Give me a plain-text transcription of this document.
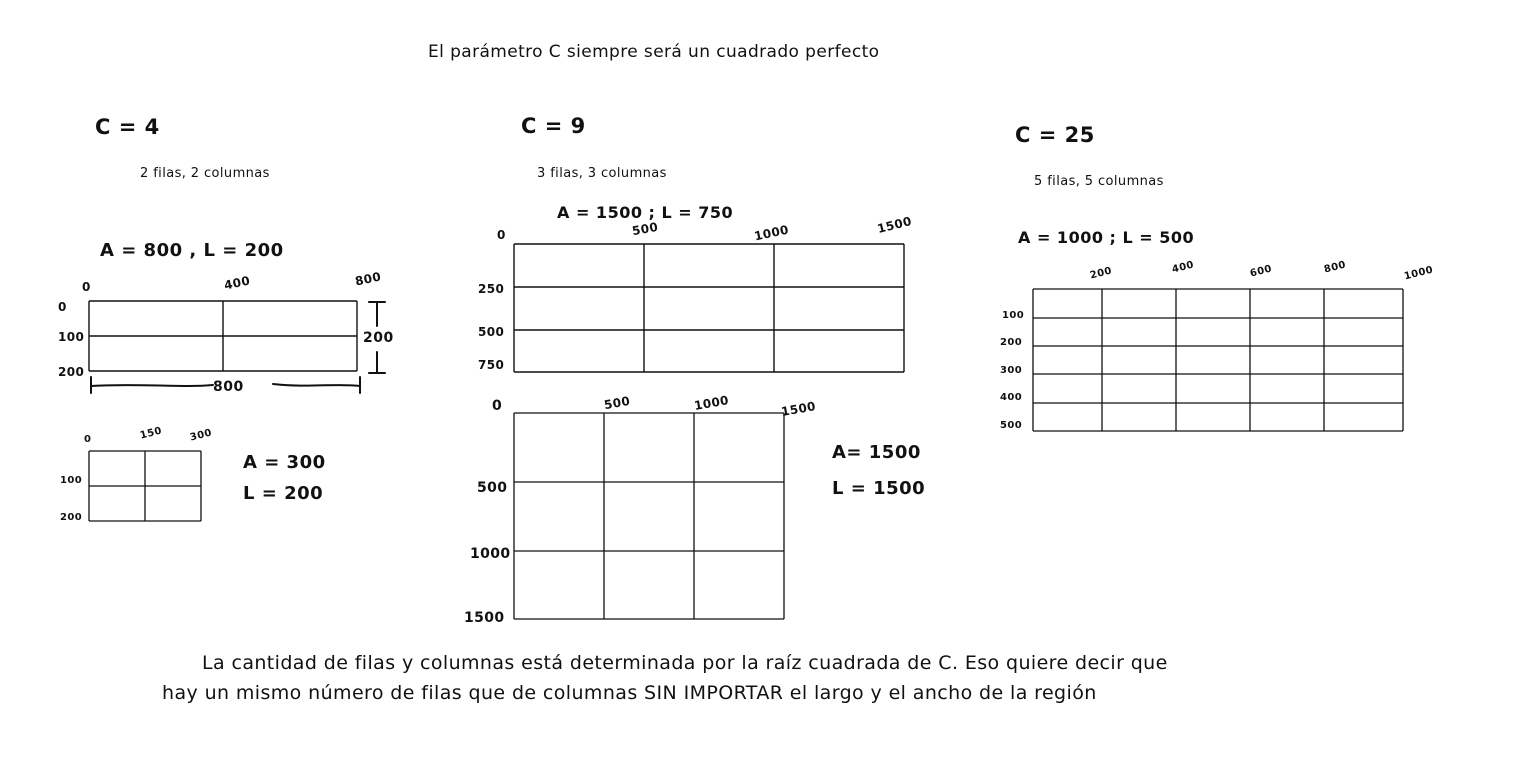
El parámetro C siempre será un cuadrado perfecto
C = 4
2 filas, 2 columnas
A = 800 , L = 200
0	400	800
0
100
200
800
200
0	150	300
100
200
A = 300
L = 200
C = 9
3 filas, 3 columnas
A = 1500 ; L = 750
0	500	1000	1500
250
500
750
0	500	1000	1500
500
1000
1500
A= 1500
L = 1500
C = 25
5 filas, 5 columnas
A = 1000 ; L = 500
200	400	600	800	1000
100
200
300
400
500
La cantidad de filas y columnas está determinada por la raíz cuadrada de C. Eso quiere decir que
hay un mismo número de filas que de columnas SIN IMPORTAR el largo y el ancho de la región
